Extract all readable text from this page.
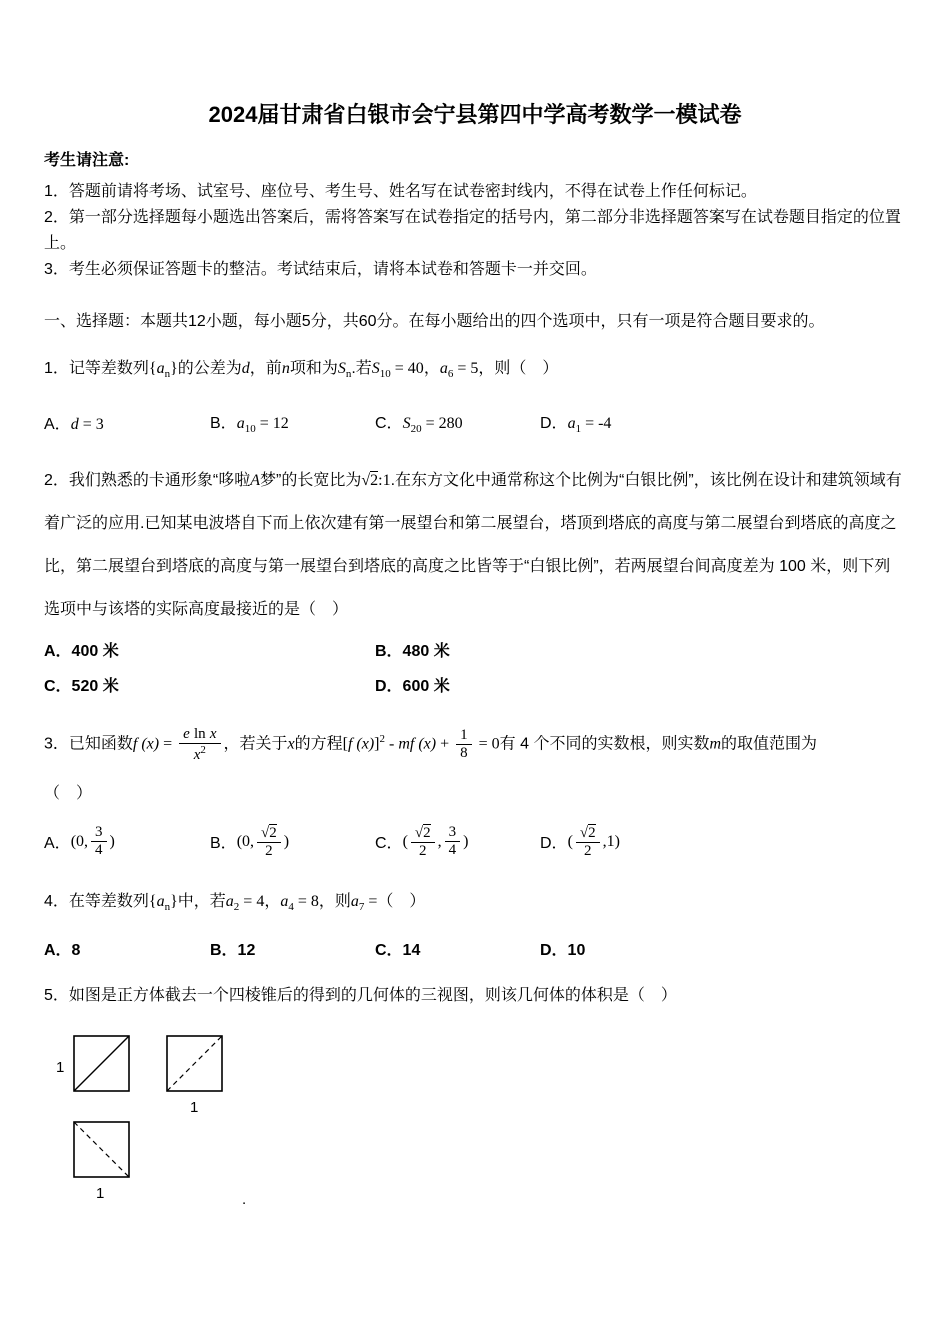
2024届甘肃省白银市会宁县第四中学高考数学一模试卷

考生请注意:

1．答题前请将考场、试室号、座位号、考生号、姓名写在试卷密封线内，不得在试卷上作任何标记。

2．第一部分选择题每小题选出答案后，需将答案写在试卷指定的括号内，第二部分非选择题答案写在试卷题目指定的位置上。

3．考生必须保证答题卡的整洁。考试结束后，请将本试卷和答题卡一并交回。

一、选择题：本题共12小题，每小题5分，共60分。在每小题给出的四个选项中，只有一项是符合题目要求的。

1．记等差数列$\{a_n\}$的公差为d，前n项和为$S_n$.若$S_{10} = 40$，$a_6 = 5$，则（　）

A．d = 3	B．$a_{10} = 12$	C．$S_{20} = 280$	D．$a_1 = -4$

2．我们熟悉的卡通形象“哆啦A梦”的长宽比为√2:1.在东方文化中通常称这个比例为“白银比例”，该比例在设计和建筑领域有着广泛的应用.已知某电波塔自下而上依次建有第一展望台和第二展望台，塔顶到塔底的高度与第二展望台到塔底的高度之比，第二展望台到塔底的高度与第一展望台到塔底的高度之比皆等于“白银比例”，若两展望台间高度差为 100 米，则下列选项中与该塔的实际高度最接近的是（　）

A．400 米	B．480 米
C．520 米	D．600 米

3．已知函数f $(x) = \frac{\text{e ln x}}{x^2}$ ，若关于x的方程[f (x)]$^2$ - mf $(x) + \frac{1}{8} = 0$有 4 个不同的实数根，则实数m的取值范围为

（　）

A． (0, $\frac{3}{4}$ )	B． (0, $\frac{√2}{2}$ )	C． ( $\frac{√2}{2}$ , $\frac{3}{4}$ )	D． ( $\frac{√2}{2} ,1$)

4．在等差数列$\{a_n\}$中，若$a_2 = 4$，$a_4 = 8$，则$a_7$ =（　）

A．8	B．12	C．14	D．10

5．如图是正方体截去一个四棱锥后的得到的几何体的三视图，则该几何体的体积是（　）

1
1
1	.
